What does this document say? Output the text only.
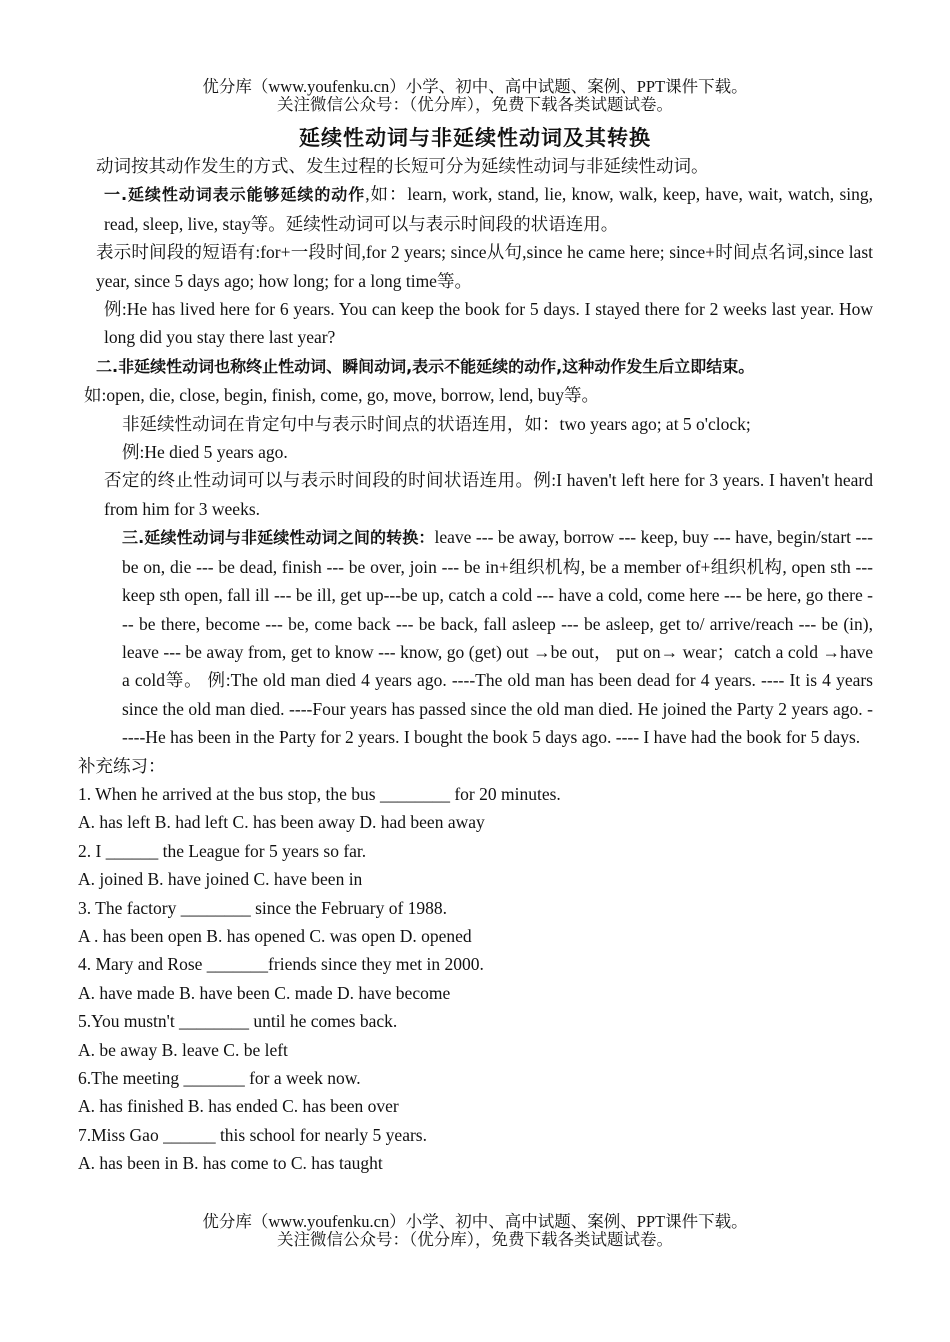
优分库（www.youfenku.cn）小学、初中、高中试题、案例、PPT课件下载。
关注微信公众号：（优分库），免费下载各类试题试卷。
延续性动词与非延续性动词及其转换

动词按其动作发生的方式、发生过程的长短可分为延续性动词与非延续性动词。

一.延续性动词表示能够延续的动作,如：learn, work, stand, lie, know, walk, keep, have, wait, watch, sing, read, sleep, live, stay等。延续性动词可以与表示时间段的状语连用。

表示时间段的短语有:for+一段时间,for 2 years; since从句,since he came here; since+时间点名词,since last year, since 5 days ago; how long; for a long time等。

例:He has lived here for 6 years. You can keep the book for 5 days. I stayed there for 2 weeks last year. How long did you stay there last year?

二.非延续性动词也称终止性动词、瞬间动词,表示不能延续的动作,这种动作发生后立即结束。

如:open, die, close, begin, finish, come, go, move, borrow, lend, buy等。

非延续性动词在肯定句中与表示时间点的状语连用，如：two years ago; at 5 o'clock;

例:He died 5 years ago.

否定的终止性动词可以与表示时间段的时间状语连用。例:I haven't left here for 3 years. I haven't heard from him for 3 weeks.

三.延续性动词与非延续性动词之间的转换：leave --- be away, borrow --- keep, buy --- have, begin/start --- be on, die --- be dead, finish --- be over, join --- be in+组织机构, be a member of+组织机构, open sth --- keep sth open, fall ill --- be ill, get up---be up, catch a cold --- have a cold, come here --- be here, go there --- be there, become --- be, come back --- be back, fall asleep --- be asleep, get to/ arrive/reach --- be (in), leave --- be away from, get to know --- know, go (get) out →be out， put on→ wear；catch a cold →have a cold等。 例:The old man died 4 years ago. ----The old man has been dead for 4 years. ---- It is 4 years since the old man died. ----Four years has passed since the old man died. He joined the Party 2 years ago. -----He has been in the Party for 2 years. I bought the book 5 days ago. ---- I have had the book for 5 days.

补充练习：

1. When he arrived at the bus stop, the bus ________ for 20 minutes.

A. has left B. had left C. has been away D. had been away

2. I ______ the League for 5 years so far.

A. joined B. have joined C. have been in

3. The factory ________ since the February of 1988.

A . has been open B. has opened C. was open D. opened

4. Mary and Rose _______friends since they met in 2000.

A. have made B. have been C. made D. have become

5.You mustn't ________ until he comes back.

A. be away B. leave C. be left

6.The meeting _______ for a week now.

A. has finished B. has ended C. has been over

7.Miss Gao ______ this school for nearly 5 years.

A. has been in B. has come to C. has taught

优分库（www.youfenku.cn）小学、初中、高中试题、案例、PPT课件下载。
关注微信公众号：（优分库），免费下载各类试题试卷。
